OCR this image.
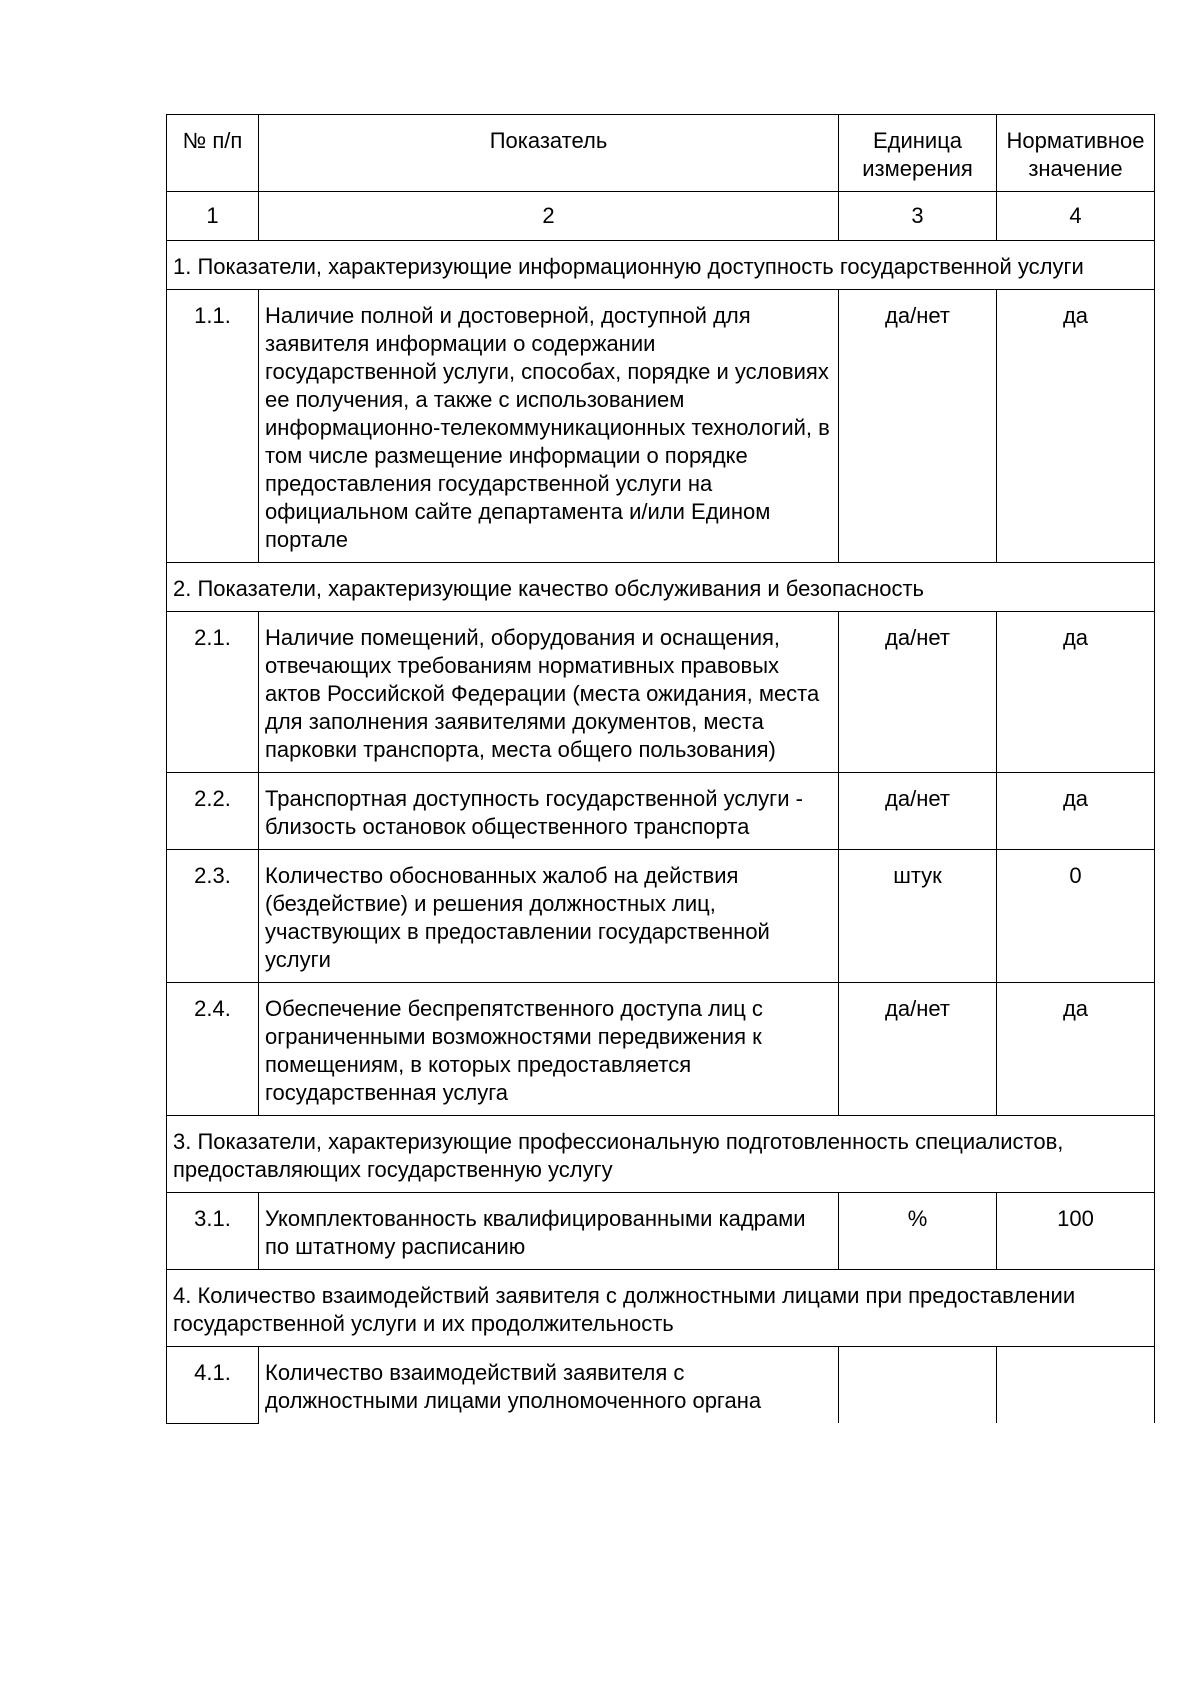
№ п/п	Показатель	Единица измерения	Нормативное значение
1	2	3	4
1. Показатели, характеризующие информационную доступность государственной услуги			
1.1.	Наличие полной и достоверной, доступной для заявителя информации о содержании государственной услуги, способах, порядке и условиях ее получения, а также с использованием информационно-телекоммуникационных технологий, в том числе размещение информации о порядке предоставления государственной услуги на официальном сайте департамента и/или Едином портале	да/нет	да
2. Показатели, характеризующие качество обслуживания и безопасность			
2.1.	Наличие помещений, оборудования и оснащения, отвечающих требованиям нормативных правовых актов Российской Федерации (места ожидания, места для заполнения заявителями документов, места парковки транспорта, места общего пользования)	да/нет	да
2.2.	Транспортная доступность государственной услуги - близость остановок общественного транспорта	да/нет	да
2.3.	Количество обоснованных жалоб на действия (бездействие) и решения должностных лиц, участвующих в предоставлении государственной услуги	штук	0
2.4.	Обеспечение беспрепятственного доступа лиц с ограниченными возможностями передвижения к помещениям, в которых предоставляется государственная услуга	да/нет	да
3. Показатели, характеризующие профессиональную подготовленность специалистов, предоставляющих государственную услугу			
3.1.	Укомплектованность квалифицированными кадрами по штатному расписанию	%	100
4. Количество взаимодействий заявителя с должностными лицами при предоставлении государственной услуги и их продолжительность			
4.1.	Количество взаимодействий заявителя с должностными лицами уполномоченного органа		
